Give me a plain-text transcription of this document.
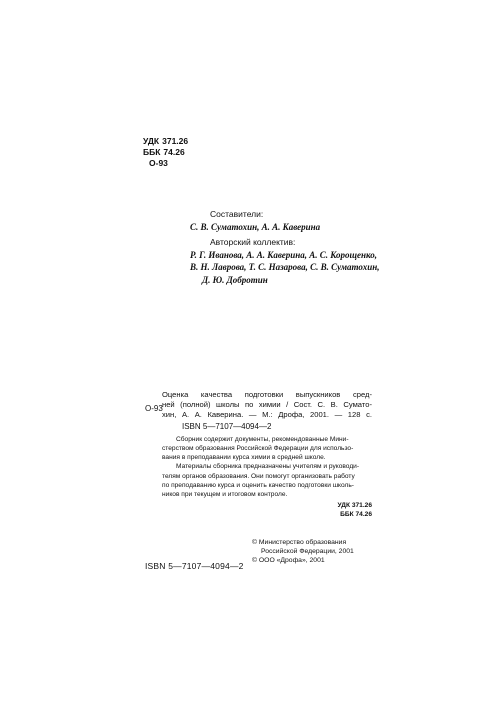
УДК 371.26
ББК 74.26
О-93
Составители:
С. В. Суматохин, А. А. Каверина
Авторский коллектив:
Р. Г. Иванова, А. А. Каверина, А. С. Корощенко,
В. Н. Лаврова, Т. С. Назарова, С. В. Суматохин,
Д. Ю. Добротин
О-93
Оценка качества подготовки выпускников сред-
ней (полной) школы по химии / Сост. С. В. Сумато-
хин, А. А. Каверина. — М.: Дрофа, 2001. — 128 с.
ISBN 5—7107—4094—2
Сборник содержит документы, рекомендованные Мини-
стерством образования Российской Федерации для использо-
вания в преподавании курса химии в средней школе.
Материалы сборника предназначены учителям и руководи-
телям органов образования. Они помогут организовать работу
по преподаванию курса и оценить качество подготовки школь-
ников при текущем и итоговом контроле.
УДК 371.26
ББК 74.26
© Министерство образования
Российской Федерации, 2001
© ООО «Дрофа», 2001
ISBN 5—7107—4094—2
